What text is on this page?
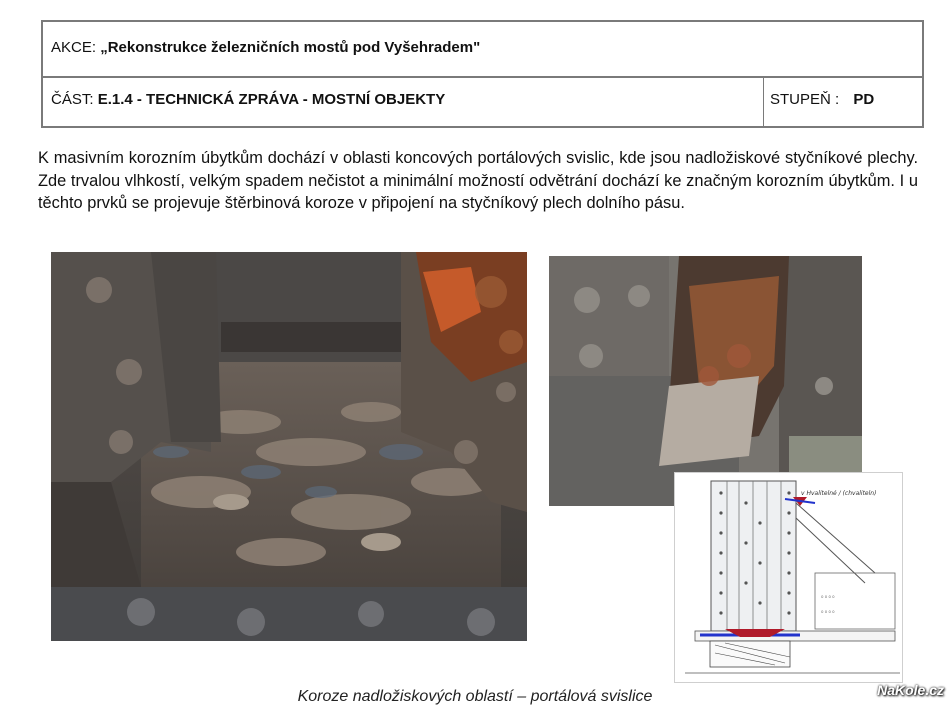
AKCE: „Rekonstrukce železničních mostů pod Vyšehradem"
ČÁST: E.1.4 - TECHNICKÁ ZPRÁVA - MOSTNÍ OBJEKTY	STUPEŇ : PD
K masivním korozním úbytkům dochází v oblasti koncových portálových svislic, kde jsou nadložiskové styčníkové plechy. Zde trvalou vlhkostí, velkým spadem nečistot a minimální možností odvětrání dochází ke značným korozním úbytkům. I u těchto prvků se projevuje štěrbinová koroze v připojení na styčníkový plech dolního pásu.
o o o o
o o o o
v Hvalitelné / (chvaliteln)
Koroze nadložiskových oblastí – portálová svislice	NaKole.cz
